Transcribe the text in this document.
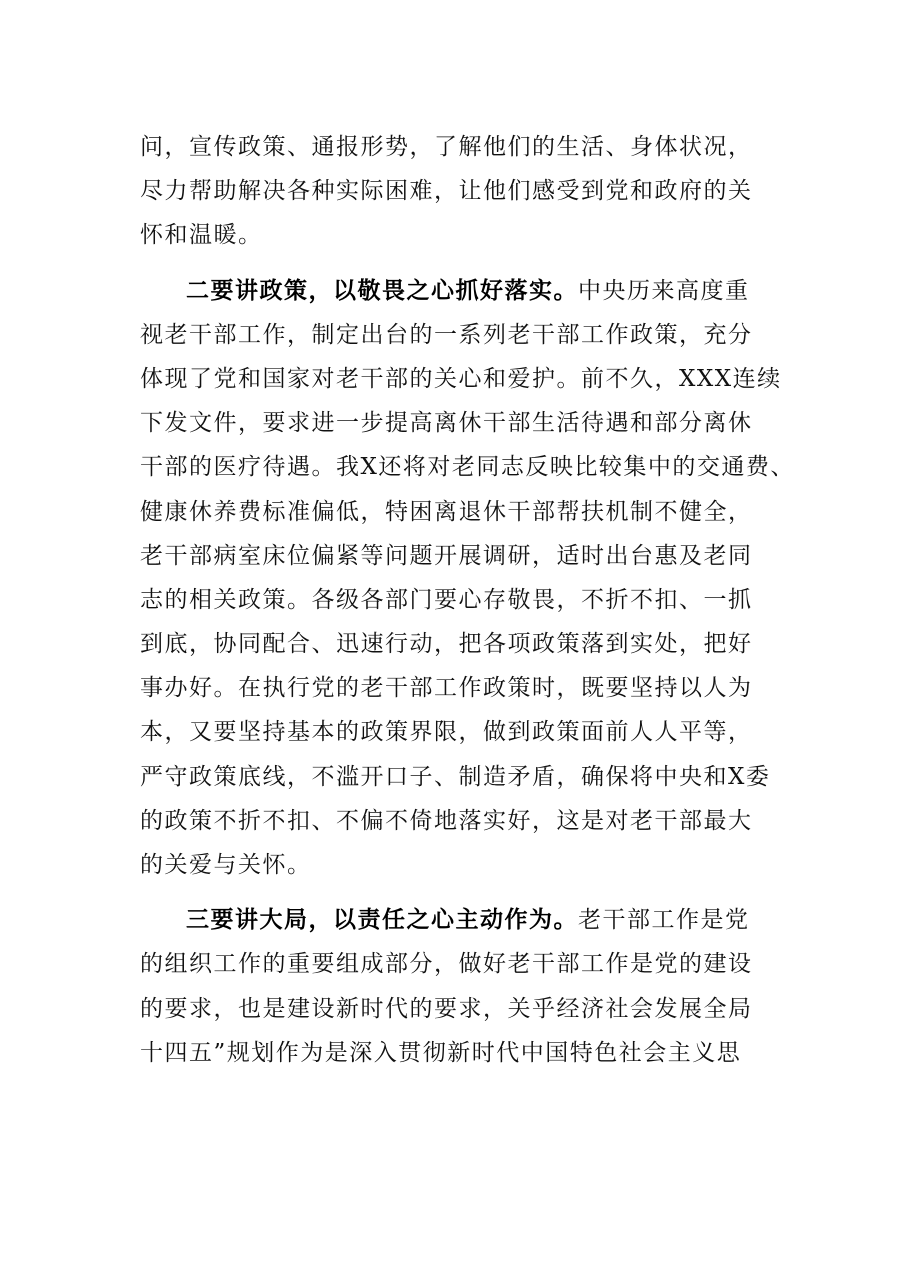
问，宣传政策、通报形势，了解他们的生活、身体状况，
尽力帮助解决各种实际困难，让他们感受到党和政府的关
怀和温暖。
二要讲政策，以敬畏之心抓好落实。中央历来高度重
视老干部工作，制定出台的一系列老干部工作政策，充分
体现了党和国家对老干部的关心和爱护。前不久，XXX连续
下发文件，要求进一步提高离休干部生活待遇和部分离休
干部的医疗待遇。我X还将对老同志反映比较集中的交通费、
健康休养费标准偏低，特困离退休干部帮扶机制不健全，
老干部病室床位偏紧等问题开展调研，适时出台惠及老同
志的相关政策。各级各部门要心存敬畏，不折不扣、一抓
到底，协同配合、迅速行动，把各项政策落到实处，把好
事办好。在执行党的老干部工作政策时，既要坚持以人为
本，又要坚持基本的政策界限，做到政策面前人人平等，
严守政策底线，不滥开口子、制造矛盾，确保将中央和X委
的政策不折不扣、不偏不倚地落实好，这是对老干部最大
的关爱与关怀。
三要讲大局，以责任之心主动作为。老干部工作是党
的组织工作的重要组成部分，做好老干部工作是党的建设
的要求，也是建设新时代的要求，关乎经济社会发展全局
十四五”规划作为是深入贯彻新时代中国特色社会主义思
